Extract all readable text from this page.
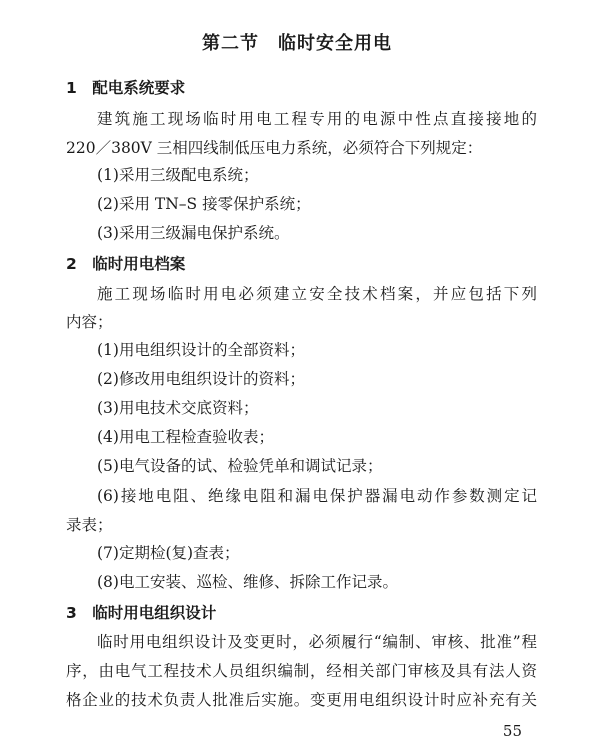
第二节　临时安全用电
1　配电系统要求
建筑施工现场临时用电工程专用的电源中性点直接接地的
220／380V 三相四线制低压电力系统，必须符合下列规定：
(1)采用三级配电系统；
(2)采用 TN–S 接零保护系统；
(3)采用三级漏电保护系统。
2　临时用电档案
施工现场临时用电必须建立安全技术档案，并应包括下列
内容；
(1)用电组织设计的全部资料；
(2)修改用电组织设计的资料；
(3)用电技术交底资料；
(4)用电工程检查验收表；
(5)电气设备的试、检验凭单和调试记录；
(6)接地电阻、绝缘电阻和漏电保护器漏电动作参数测定记
录表；
(7)定期检(复)查表；
(8)电工安装、巡检、维修、拆除工作记录。
3　临时用电组织设计
临时用电组织设计及变更时，必须履行“编制、审核、批准”程
序，由电气工程技术人员组织编制，经相关部门审核及具有法人资
格企业的技术负责人批准后实施。变更用电组织设计时应补充有关
55
